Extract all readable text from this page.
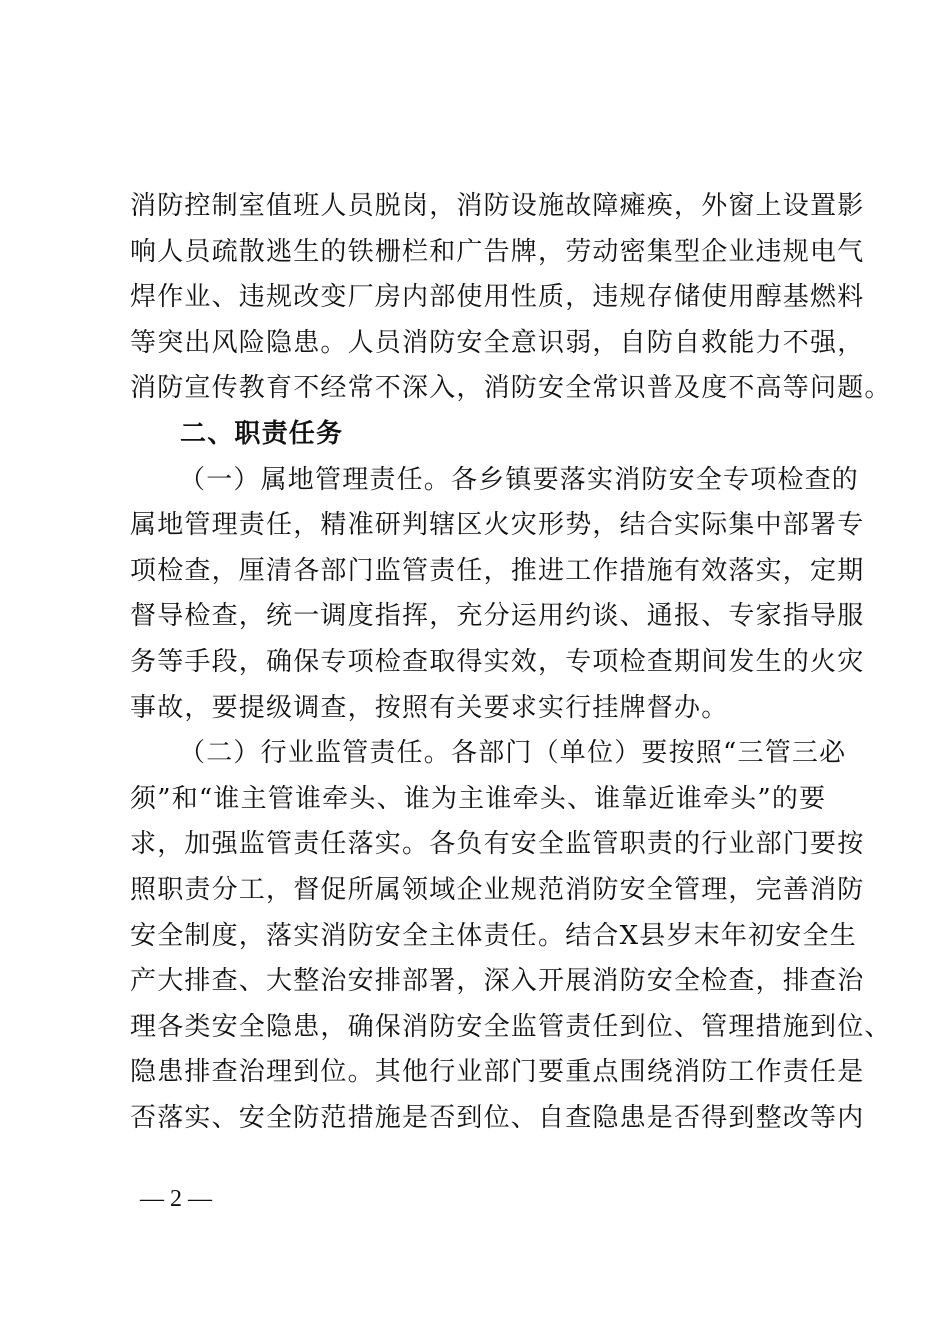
消防控制室值班人员脱岗，消防设施故障瘫痪，外窗上设置影
响人员疏散逃生的铁栅栏和广告牌，劳动密集型企业违规电气
焊作业、违规改变厂房内部使用性质，违规存储使用醇基燃料
等突出风险隐患。人员消防安全意识弱，自防自救能力不强，
消防宣传教育不经常不深入，消防安全常识普及度不高等问题。
二、职责任务
（一）属地管理责任。各乡镇要落实消防安全专项检查的
属地管理责任，精准研判辖区火灾形势，结合实际集中部署专
项检查，厘清各部门监管责任，推进工作措施有效落实，定期
督导检查，统一调度指挥，充分运用约谈、通报、专家指导服
务等手段，确保专项检查取得实效，专项检查期间发生的火灾
事故，要提级调查，按照有关要求实行挂牌督办。
（二）行业监管责任。各部门（单位）要按照“三管三必
须”和“谁主管谁牵头、谁为主谁牵头、谁靠近谁牵头”的要
求，加强监管责任落实。各负有安全监管职责的行业部门要按
照职责分工，督促所属领域企业规范消防安全管理，完善消防
安全制度，落实消防安全主体责任。结合X县岁末年初安全生
产大排查、大整治安排部署，深入开展消防安全检查，排查治
理各类安全隐患，确保消防安全监管责任到位、管理措施到位、
隐患排查治理到位。其他行业部门要重点围绕消防工作责任是
否落实、安全防范措施是否到位、自查隐患是否得到整改等内
— 2 —
